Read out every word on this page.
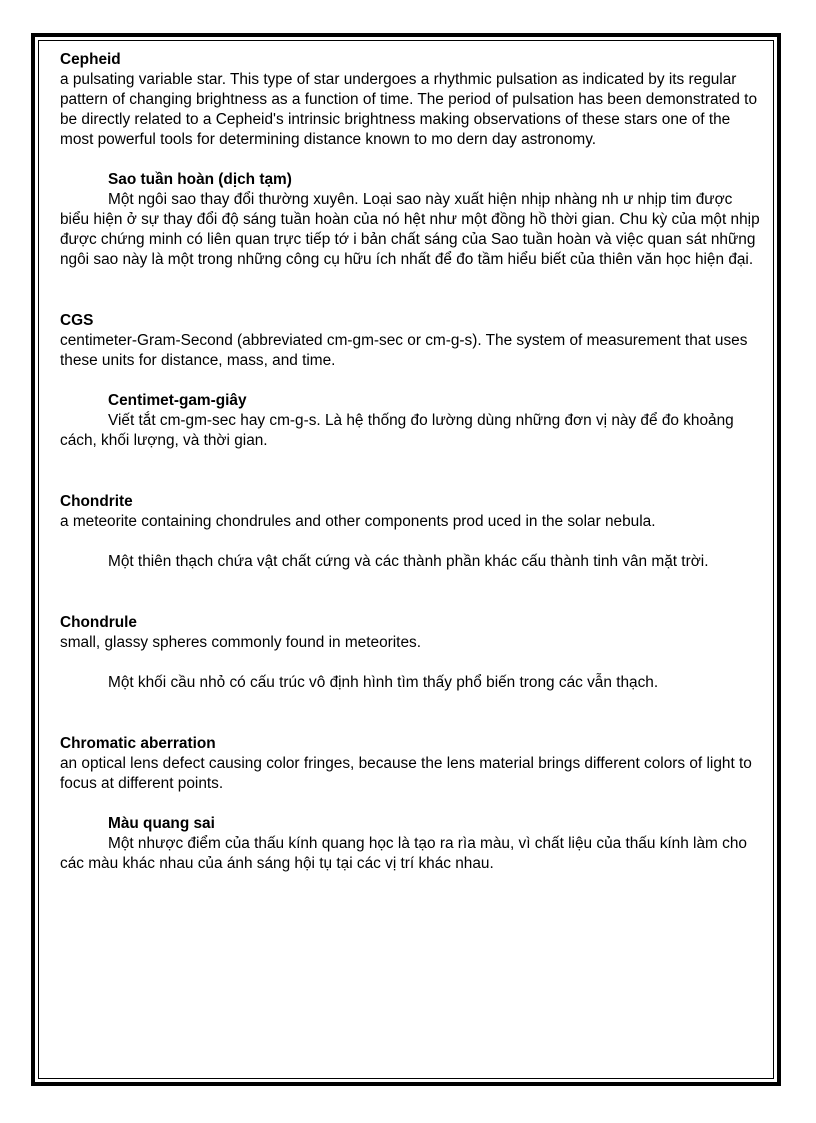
Cepheid

a pulsating variable star. This type of star undergoes a rhythmic pulsation as indicated by its regular pattern of changing brightness as a function of time. The period of pulsation has been demonstrated to be directly related to a Cepheid's intrinsic brightness making observations of these stars one of the most powerful tools for determining distance known to mo dern day astronomy.

Sao tuần hoàn (dịch tạm)

Một ngôi sao thay đổi thường xuyên. Loại sao này xuất hiện nhịp nhàng nh ư nhịp tim được biểu hiện ở sự thay đổi độ sáng tuần hoàn của nó hệt như một đồng hồ thời gian. Chu kỳ của một nhịp được chứng minh có liên quan trực tiếp tớ i bản chất sáng của Sao tuần hoàn và việc quan sát những ngôi sao này là một trong những công cụ hữu ích nhất để đo tầm hiểu biết của thiên văn học hiện đại.

CGS

centimeter-Gram-Second (abbreviated cm-gm-sec or cm-g-s). The system of measurement that uses these units for distance, mass, and time.

Centimet-gam-giây

Viết tắt cm-gm-sec hay cm-g-s. Là hệ thống đo lường dùng những đơn vị này để đo khoảng cách, khối lượng, và thời gian.

Chondrite

a meteorite containing chondrules and other components prod uced in the solar nebula.

Một thiên thạch chứa vật chất cứng và các thành phần khác cấu thành tinh vân mặt trời.

Chondrule

small, glassy spheres commonly found in meteorites.

Một khối cầu nhỏ có cấu trúc vô định hình tìm thấy phổ biến trong các vẫn thạch.

Chromatic aberration

an optical lens defect causing color fringes, because the lens material brings different colors of light to focus at different points.

Màu quang sai

Một nhược điểm của thấu kính quang học là tạo ra rìa màu, vì chất liệu của thấu kính làm cho các màu khác nhau của ánh sáng hội tụ tại các vị trí khác nhau.
